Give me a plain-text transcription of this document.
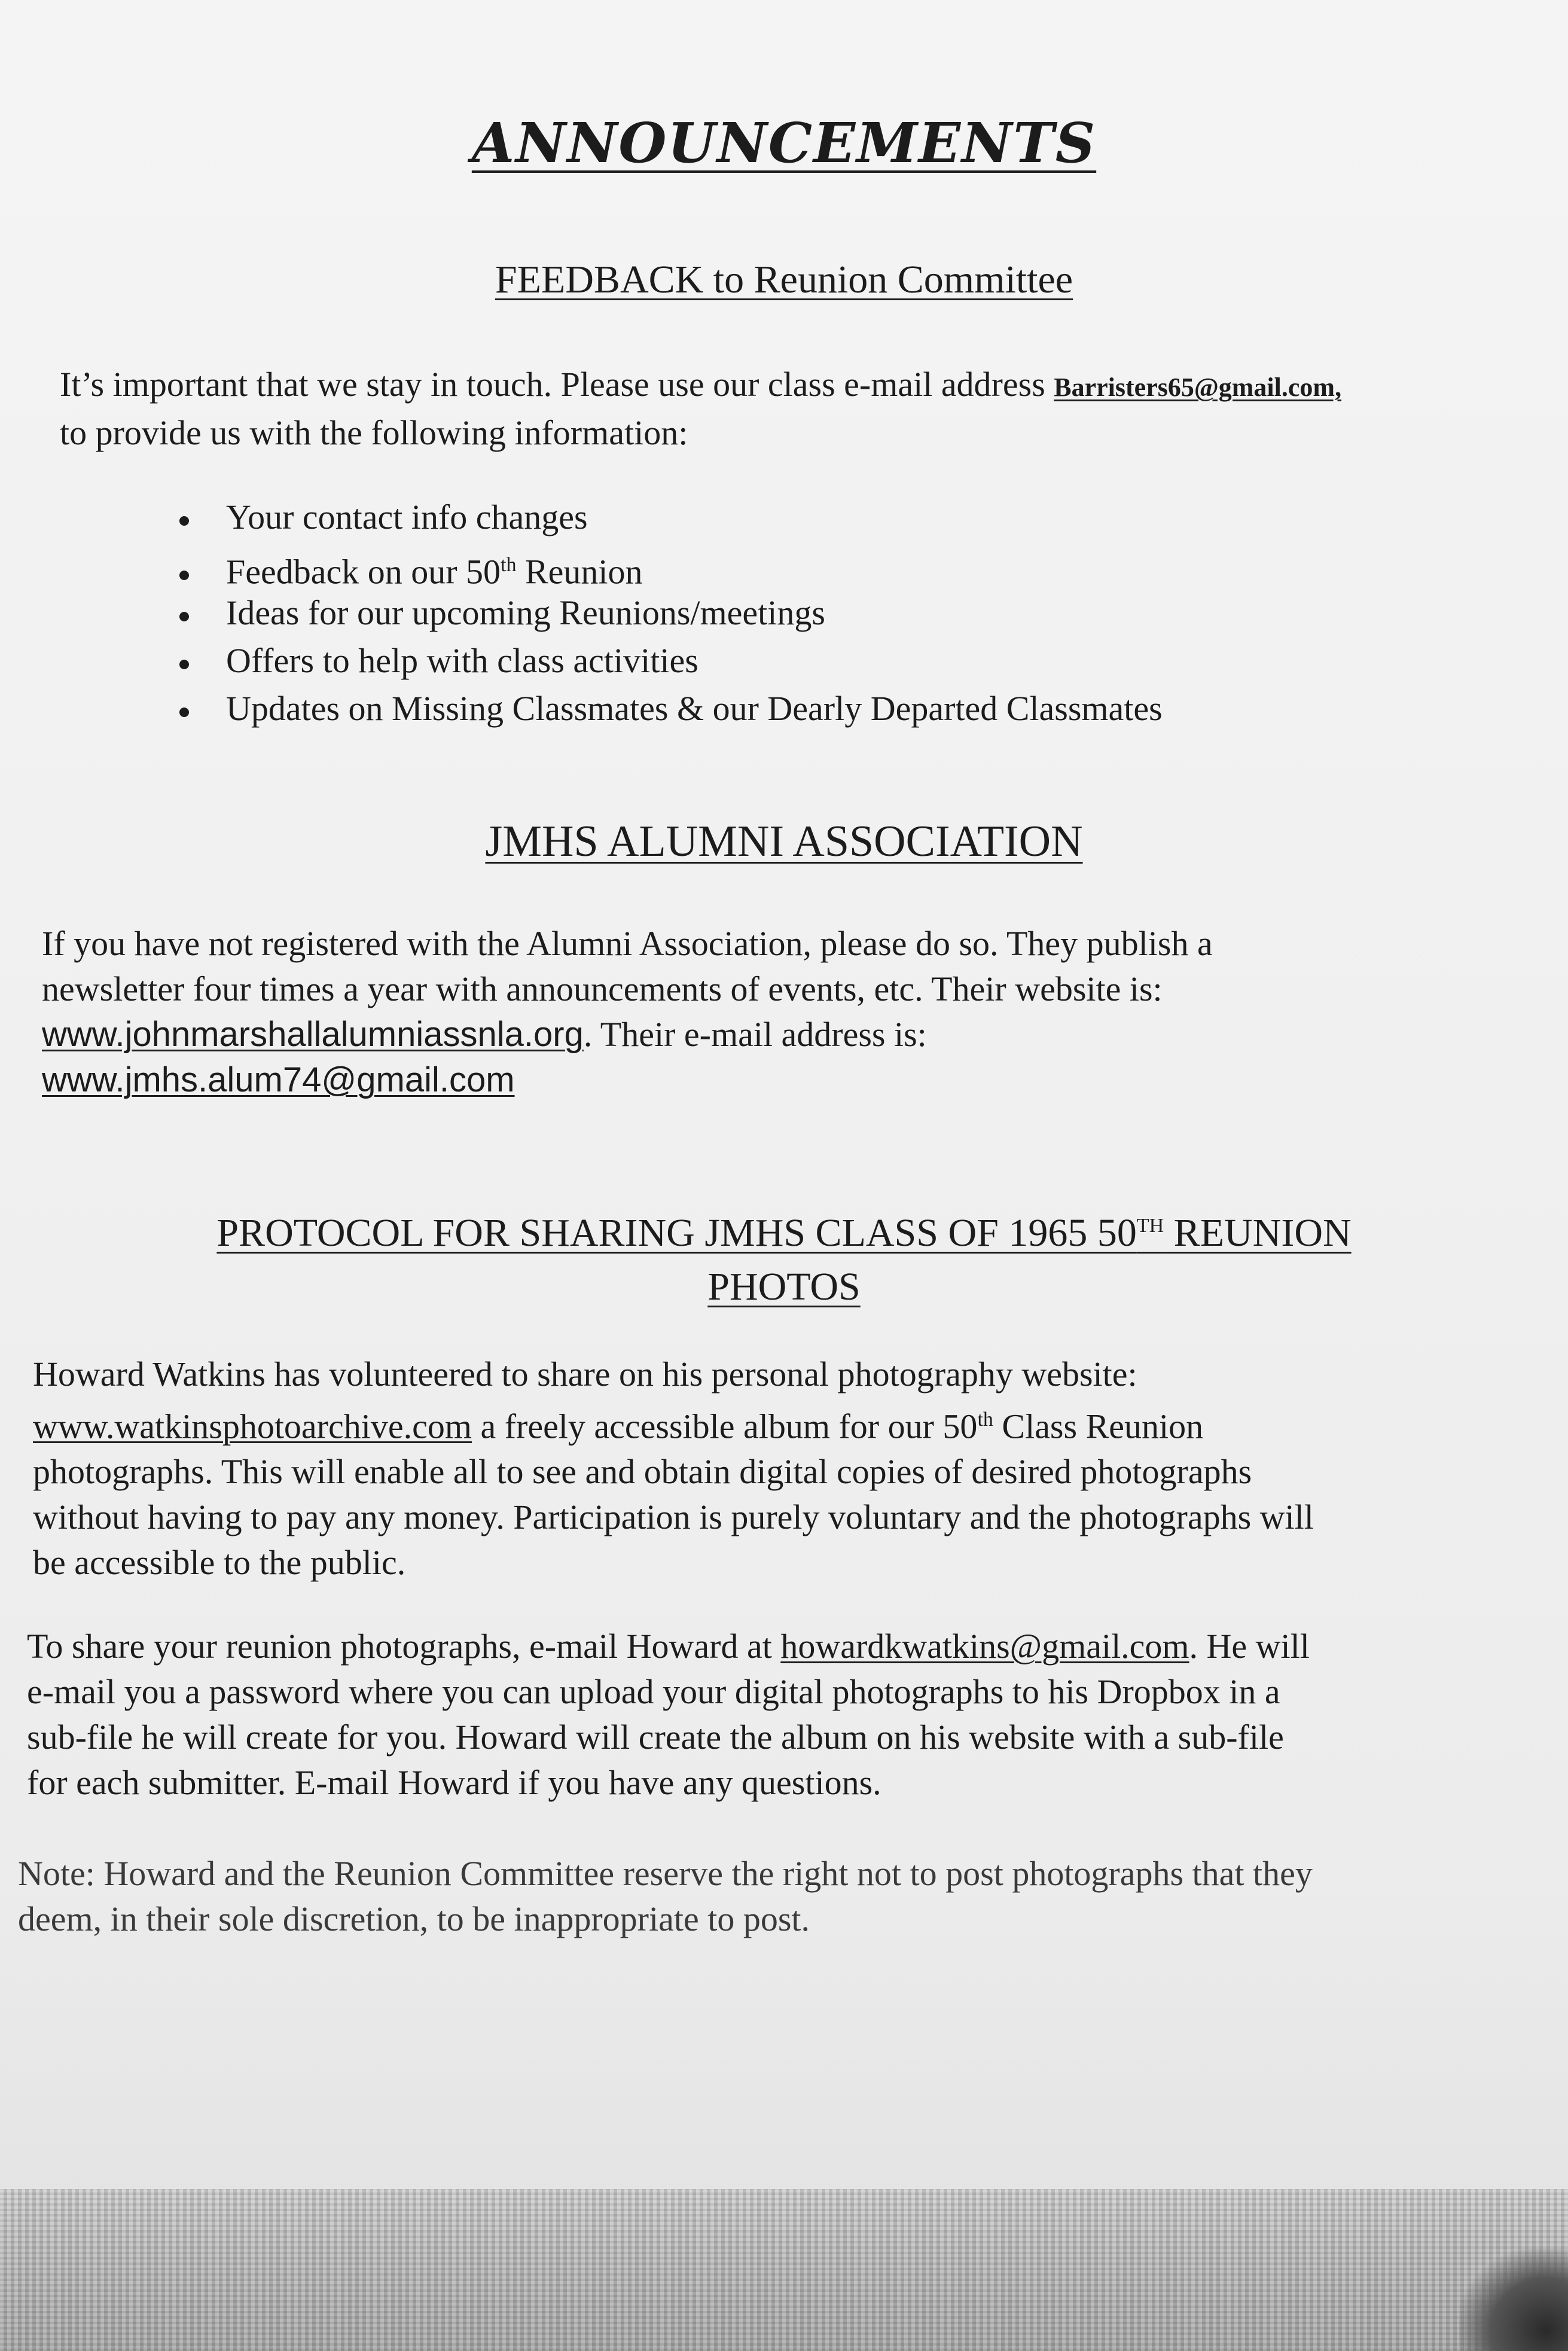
ANNOUNCEMENTS
FEEDBACK to Reunion Committee
It’s important that we stay in touch. Please use our class e-mail address Barristers65@gmail.com,
to provide us with the following information:
Your contact info changes
Feedback on our 50th Reunion
Ideas for our upcoming Reunions/meetings
Offers to help with class activities
Updates on Missing Classmates & our Dearly Departed Classmates
JMHS ALUMNI ASSOCIATION
If you have not registered with the Alumni Association, please do so. They publish a
newsletter four times a year with announcements of events, etc. Their website is:
www.johnmarshallalumniassnla.org. Their e-mail address is:
www.jmhs.alum74@gmail.com
PROTOCOL FOR SHARING JMHS CLASS OF 1965 50TH REUNION
PHOTOS
Howard Watkins has volunteered to share on his personal photography website:
www.watkinsphotoarchive.com a freely accessible album for our 50th Class Reunion
photographs. This will enable all to see and obtain digital copies of desired photographs
without having to pay any money. Participation is purely voluntary and the photographs will
be accessible to the public.
To share your reunion photographs, e-mail Howard at howardkwatkins@gmail.com. He will
e-mail you a password where you can upload your digital photographs to his Dropbox in a
sub-file he will create for you. Howard will create the album on his website with a sub-file
for each submitter. E-mail Howard if you have any questions.
Note: Howard and the Reunion Committee reserve the right not to post photographs that they
deem, in their sole discretion, to be inappropriate to post.
